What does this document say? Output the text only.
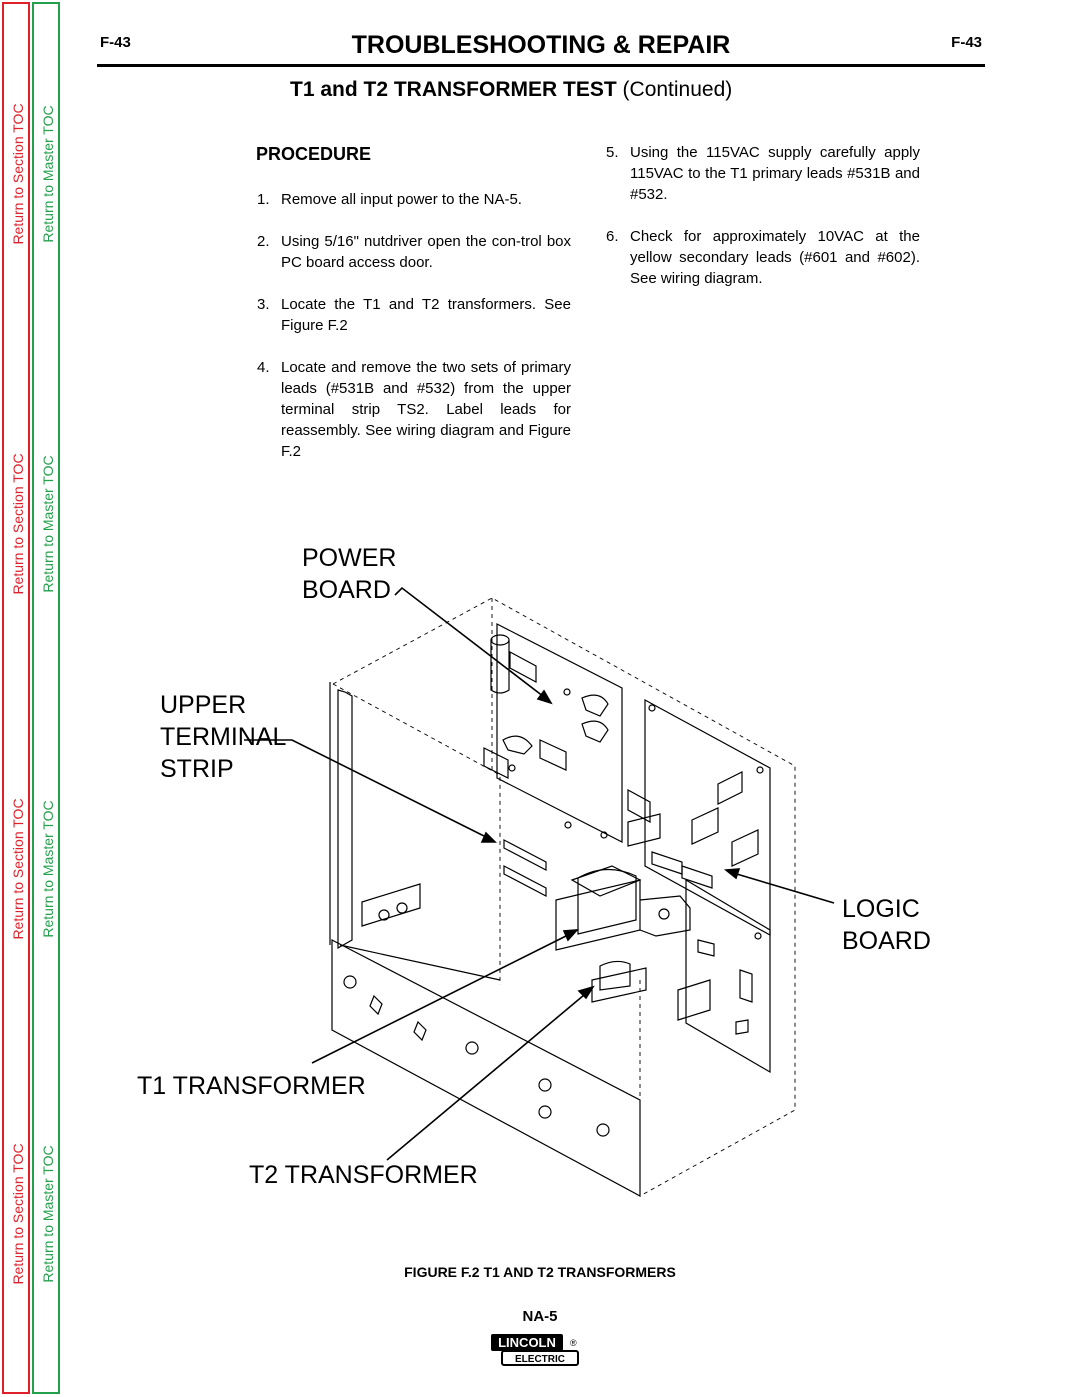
Return to Section TOC
Return to Section TOC
Return to Section TOC
Return to Section TOC
Return to Master TOC
Return to Master TOC
Return to Master TOC
Return to Master TOC
F-43	TROUBLESHOOTING & REPAIR	F-43
T1 and T2 TRANSFORMER TEST (Continued)
PROCEDURE
1. Remove all input power to the NA-5.
2. Using 5/16" nutdriver open the con-trol box PC board access door.
3. Locate the T1 and T2 transformers. See Figure F.2
4. Locate and remove the two sets of primary leads (#531B and #532) from the upper terminal strip TS2. Label leads for reassembly. See wiring diagram and Figure F.2
5. Using the 115VAC supply carefully apply 115VAC to the T1 primary leads #531B and #532.
6. Check for approximately 10VAC at the yellow secondary leads (#601 and #602). See wiring diagram.
POWER
BOARD
UPPER
TERMINAL
STRIP
LOGIC
BOARD
T1 TRANSFORMER
T2 TRANSFORMER
FIGURE F.2 T1 AND T2 TRANSFORMERS
NA-5
LINCOLN
ELECTRIC
®
